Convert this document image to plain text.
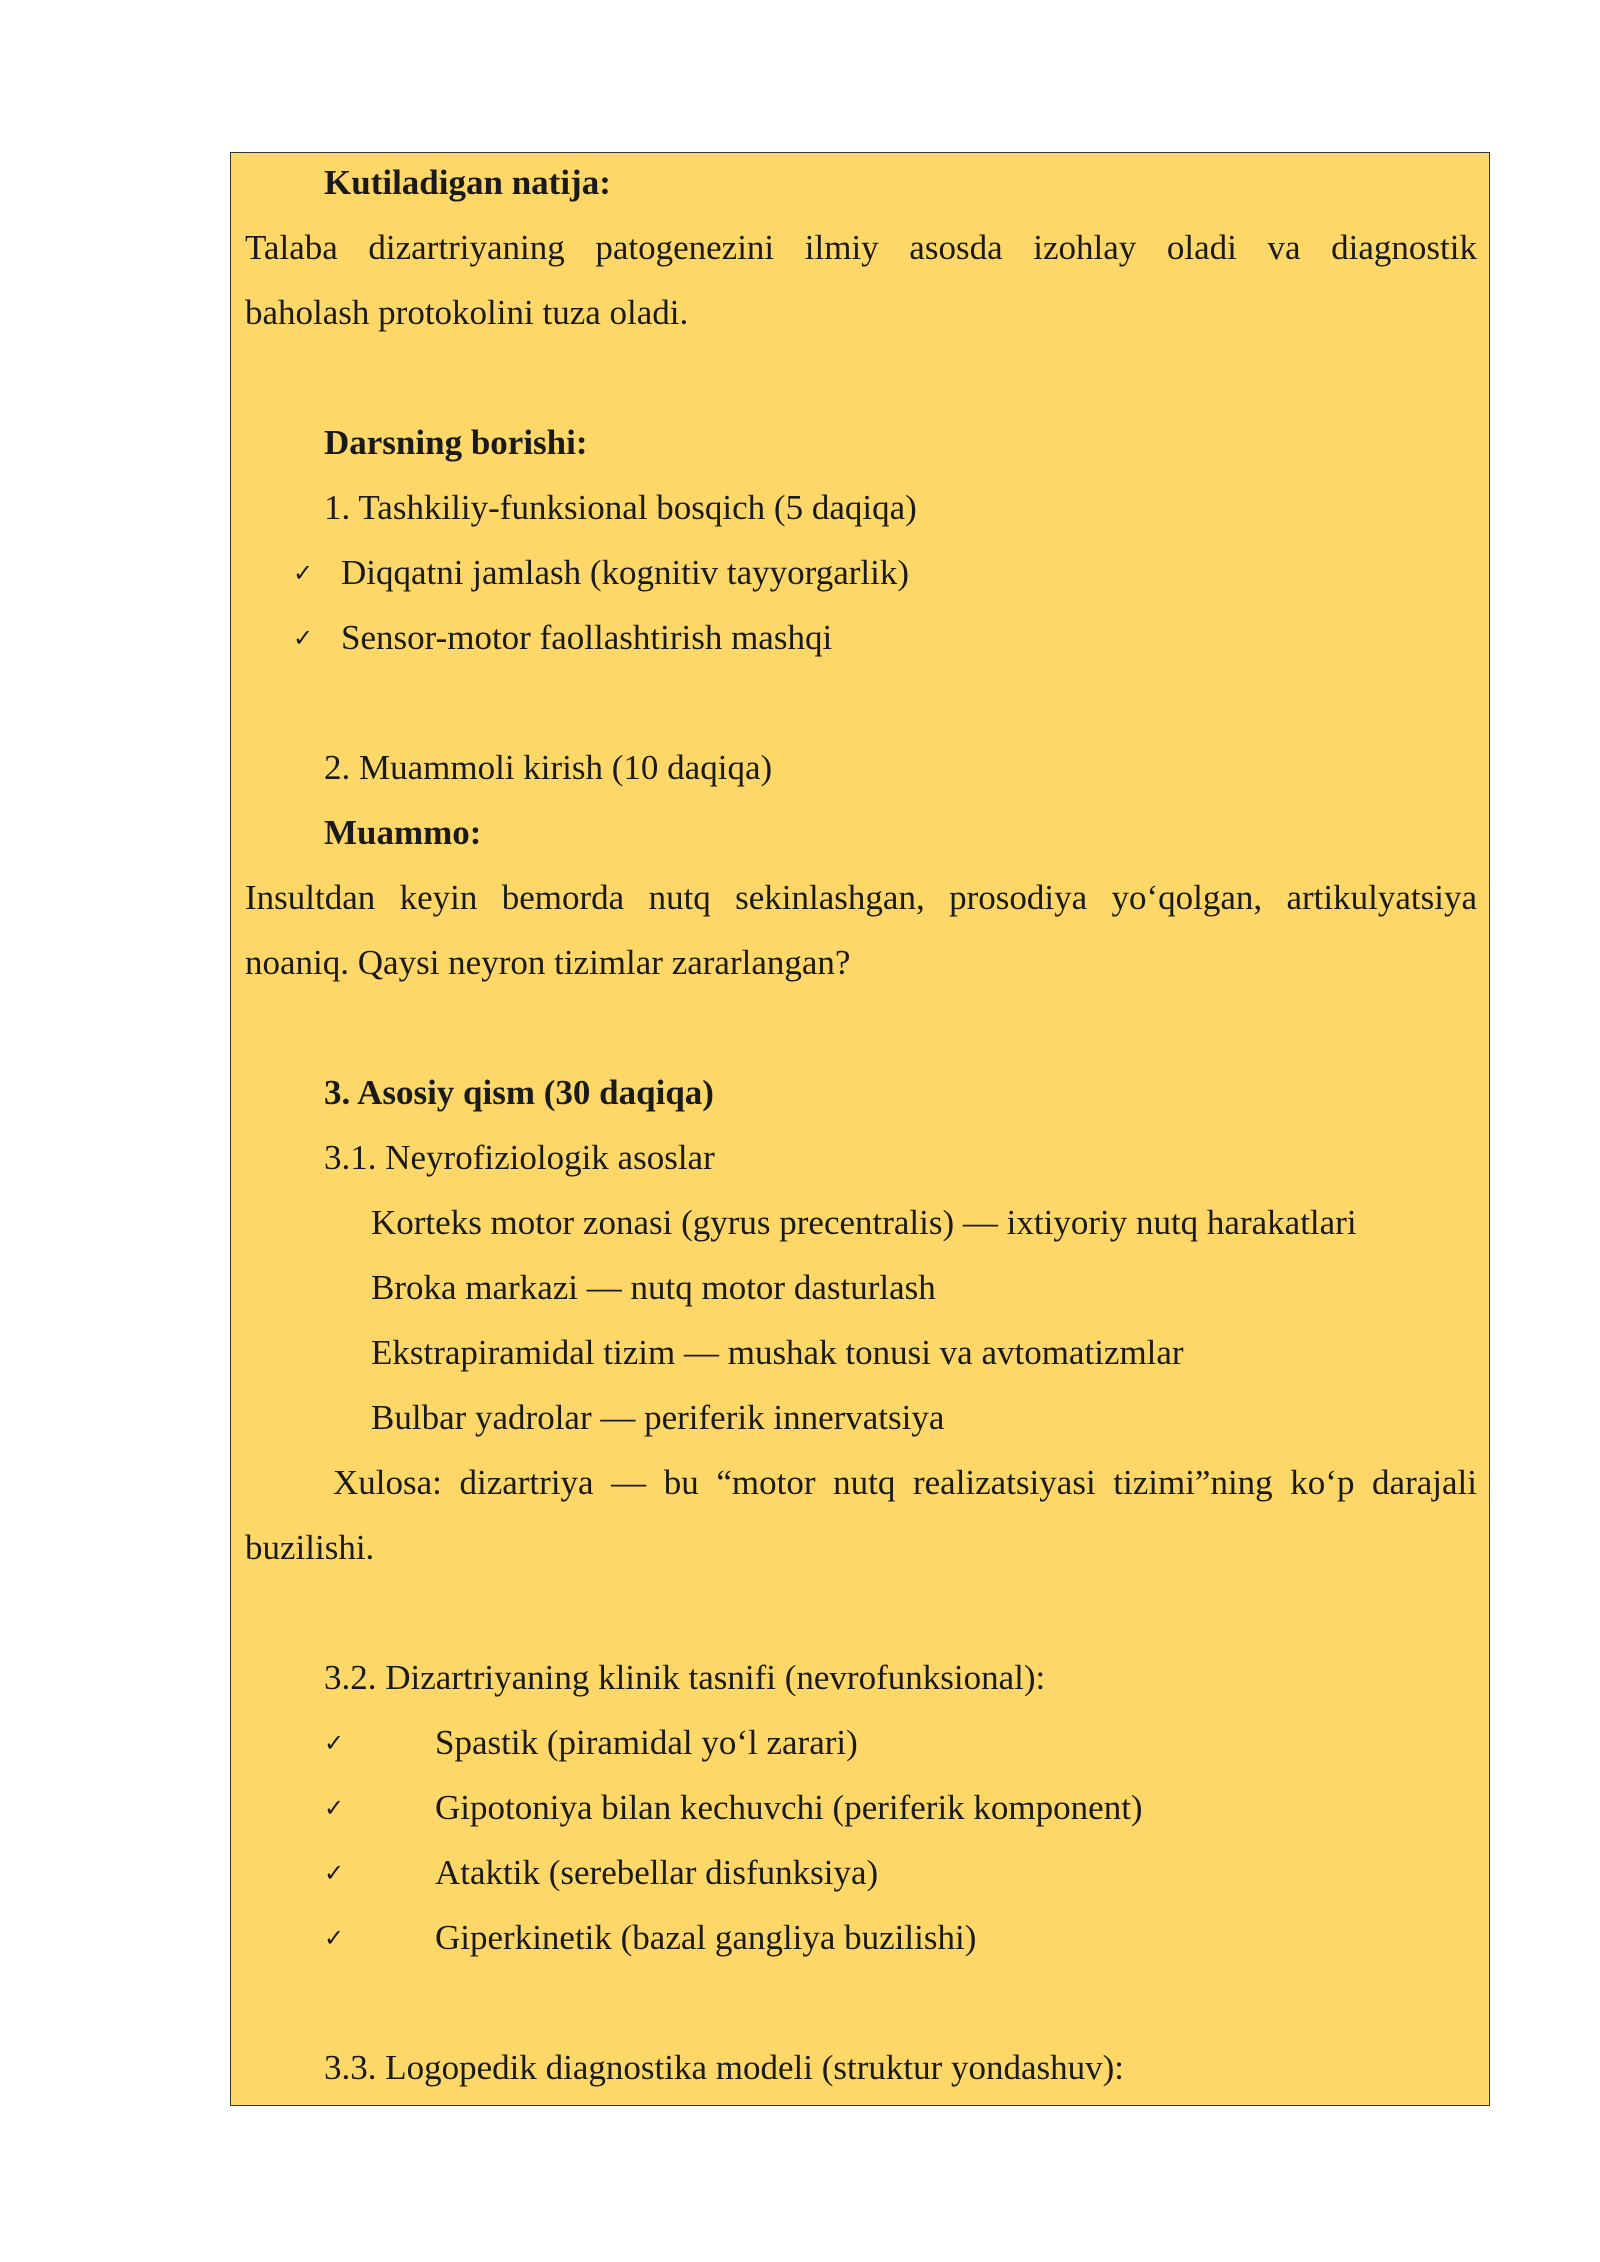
Kutiladigan natija:
Talaba dizartriyaning patogenezini ilmiy asosda izohlay oladi va diagnostik
baholash protokolini tuza oladi.
Darsning borishi:
1. Tashkiliy-funksional bosqich (5 daqiqa)
✓ Diqqatni jamlash (kognitiv tayyorgarlik)
✓ Sensor-motor faollashtirish mashqi
2. Muammoli kirish (10 daqiqa)
Muammo:
Insultdan keyin bemorda nutq sekinlashgan, prosodiya yo‘qolgan, artikulyatsiya
noaniq. Qaysi neyron tizimlar zararlangan?
3. Asosiy qism (30 daqiqa)
3.1. Neyrofiziologik asoslar
Korteks motor zonasi (gyrus precentralis) — ixtiyoriy nutq harakatlari
Broka markazi — nutq motor dasturlash
Ekstrapiramidal tizim — mushak tonusi va avtomatizmlar
Bulbar yadrolar — periferik innervatsiya
Xulosa: dizartriya — bu “motor nutq realizatsiyasi tizimi”ning ko‘p darajali
buzilishi.
3.2. Dizartriyaning klinik tasnifi (nevrofunksional):
✓	Spastik (piramidal yo‘l zarari)
✓	Gipotoniya bilan kechuvchi (periferik komponent)
✓	Ataktik (serebellar disfunksiya)
✓	Giperkinetik (bazal gangliya buzilishi)
3.3. Logopedik diagnostika modeli (struktur yondashuv):
